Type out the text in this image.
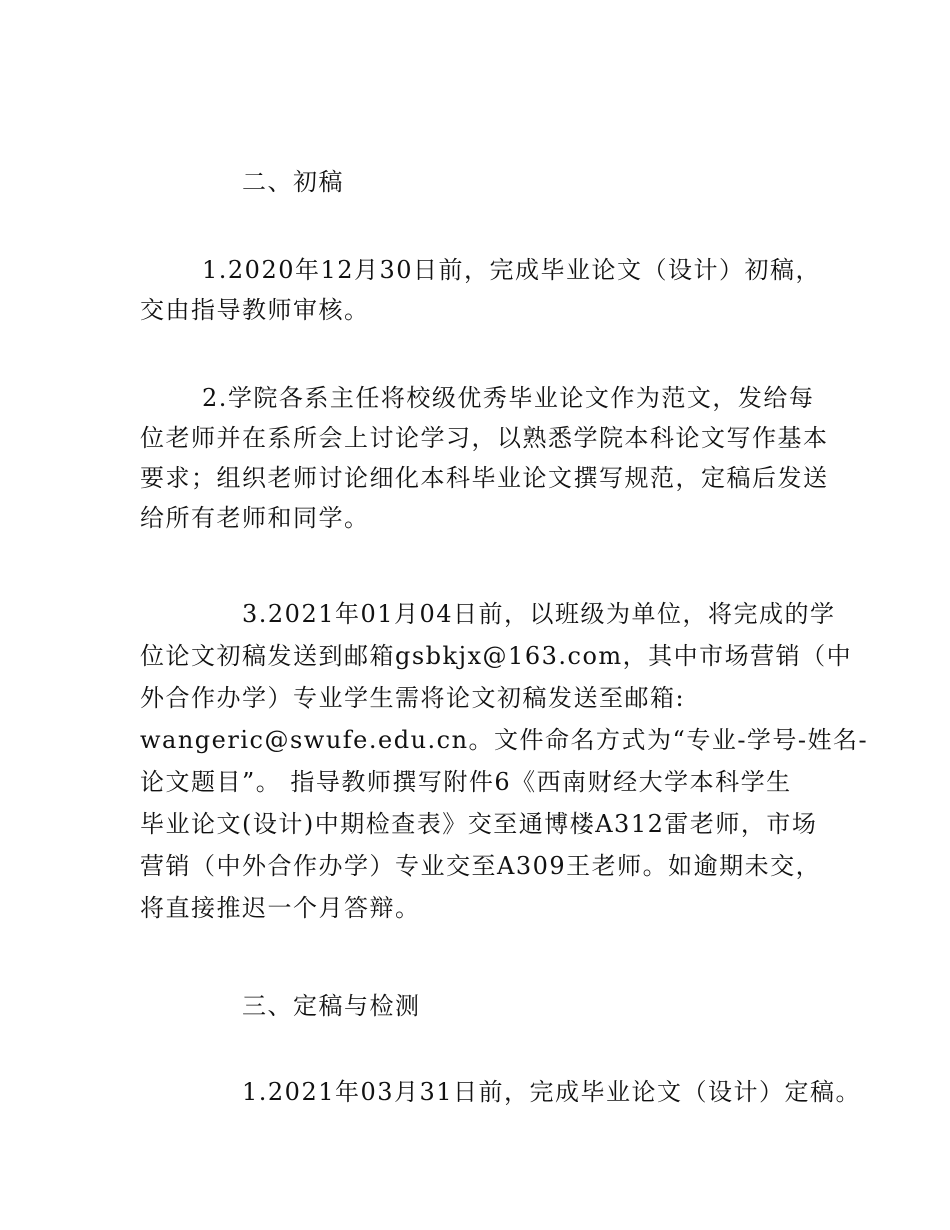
二、初稿
1.2020年12月30日前，完成毕业论文（设计）初稿，
交由指导教师审核。
2.学院各系主任将校级优秀毕业论文作为范文，发给每
位老师并在系所会上讨论学习，以熟悉学院本科论文写作基本
要求；组织老师讨论细化本科毕业论文撰写规范，定稿后发送
给所有老师和同学。
3.2021年01月04日前，以班级为单位，将完成的学
位论文初稿发送到邮箱gsbkjx@163.com，其中市场营销（中
外合作办学）专业学生需将论文初稿发送至邮箱:
wangeric@swufe.edu.cn。文件命名方式为“专业-学号-姓名-
论文题目”。 指导教师撰写附件6《西南财经大学本科学生
毕业论文(设计)中期检查表》交至通博楼A312雷老师，市场
营销（中外合作办学）专业交至A309王老师。如逾期未交，
将直接推迟一个月答辩。
三、定稿与检测
1.2021年03月31日前，完成毕业论文（设计）定稿。
